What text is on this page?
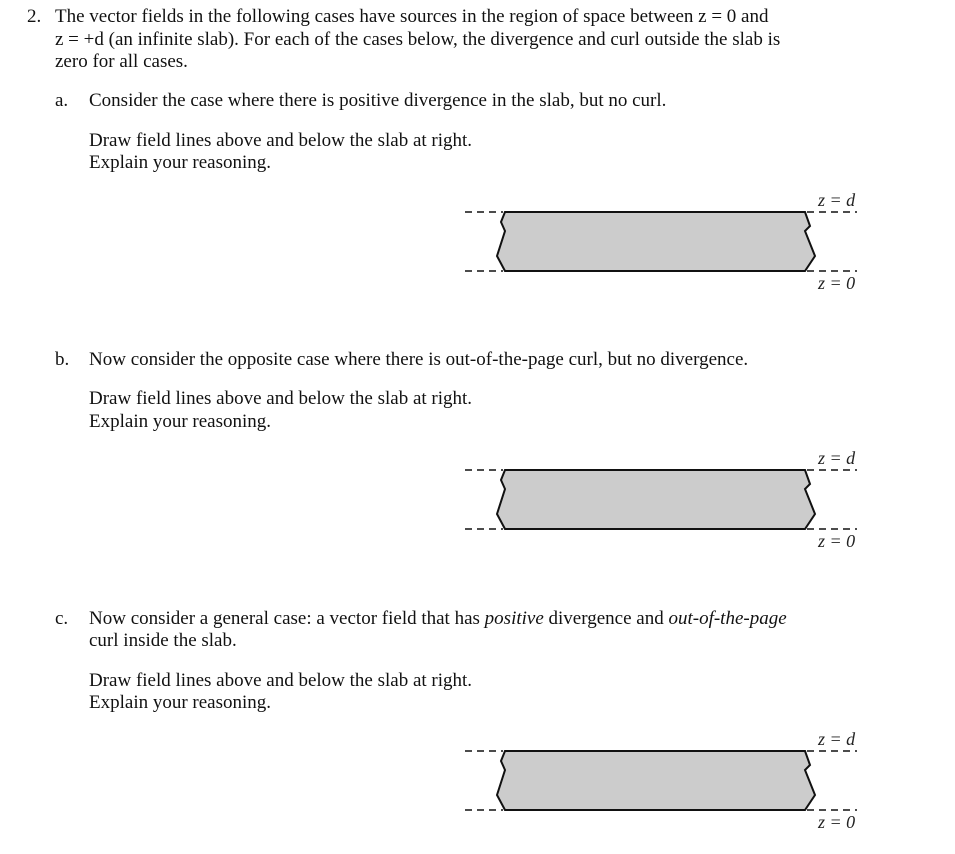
2. The vector fields in the following cases have sources in the region of space between z = 0 and
z = +d (an infinite slab). For each of the cases below, the divergence and curl outside the slab is
zero for all cases.
a. Consider the case where there is positive divergence in the slab, but no curl.
Draw field lines above and below the slab at right.
Explain your reasoning.
b. Now consider the opposite case where there is out-of-the-page curl, but no divergence.
Draw field lines above and below the slab at right.
Explain your reasoning.
c. Now consider a general case: a vector field that has positive divergence and out-of-the-page
curl inside the slab.
Draw field lines above and below the slab at right.
Explain your reasoning.
z = d
z = 0
z = d
z = 0
z = d
z = 0
